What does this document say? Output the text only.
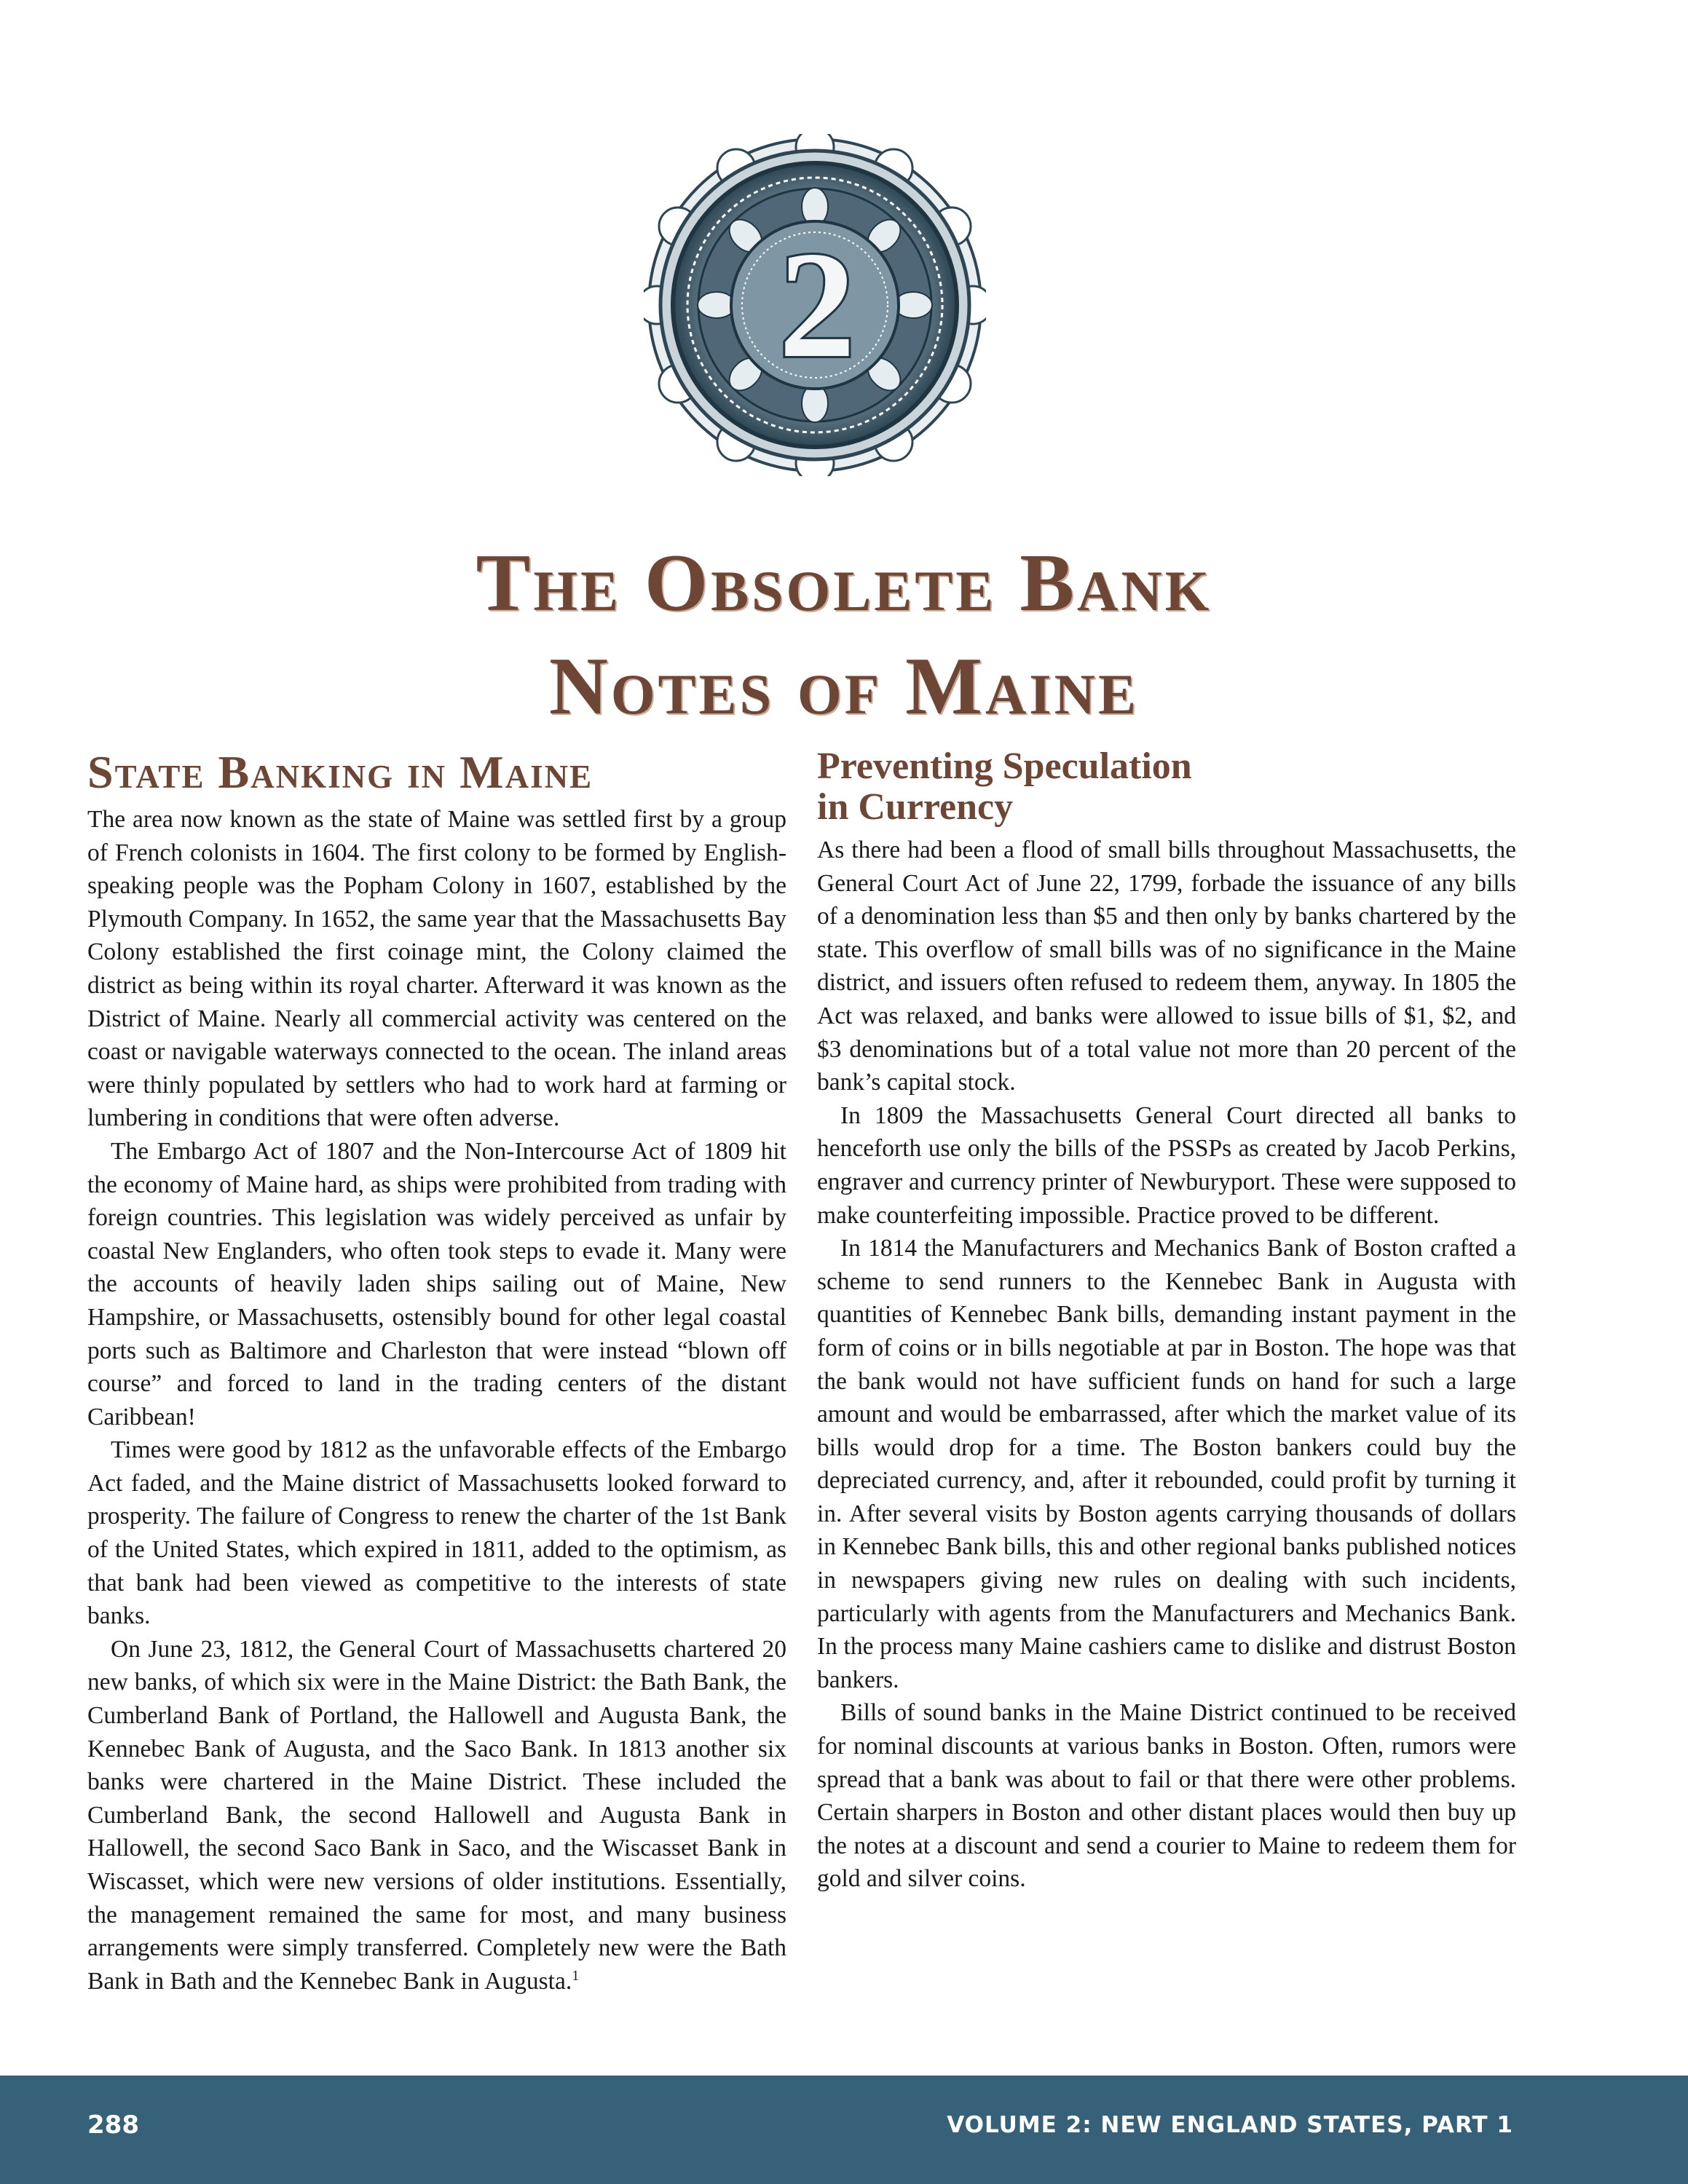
2
The Obsolete Bank
Notes of Maine
State Banking in Maine

The area now known as the state of Maine was settled first by a group of French colonists in 1604. The first colony to be formed by English-speaking people was the Popham Colony in 1607, established by the Plymouth Company. In 1652, the same year that the Massachusetts Bay Colony established the first coinage mint, the Colony claimed the district as being within its royal charter. Afterward it was known as the District of Maine. Nearly all commercial activity was centered on the coast or navigable waterways connected to the ocean. The inland areas were thinly populated by settlers who had to work hard at farming or lumbering in conditions that were often adverse.

The Embargo Act of 1807 and the Non-Intercourse Act of 1809 hit the economy of Maine hard, as ships were prohibited from trading with foreign countries. This legislation was widely perceived as unfair by coastal New Englanders, who often took steps to evade it. Many were the accounts of heavily laden ships sailing out of Maine, New Hampshire, or Massachusetts, ostensibly bound for other legal coastal ports such as Baltimore and Charleston that were instead “blown off course” and forced to land in the trading centers of the distant Caribbean!

Times were good by 1812 as the unfavorable effects of the Embargo Act faded, and the Maine district of Massachusetts looked forward to prosperity. The failure of Congress to renew the charter of the 1st Bank of the United States, which expired in 1811, added to the optimism, as that bank had been viewed as competitive to the interests of state banks.

On June 23, 1812, the General Court of Massachusetts chartered 20 new banks, of which six were in the Maine District: the Bath Bank, the Cumberland Bank of Portland, the Hallowell and Augusta Bank, the Kennebec Bank of Augusta, and the Saco Bank. In 1813 another six banks were chartered in the Maine District. These included the Cumberland Bank, the second Hallowell and Augusta Bank in Hallowell, the second Saco Bank in Saco, and the Wiscasset Bank in Wiscasset, which were new versions of older institutions. Essentially, the management remained the same for most, and many business arrangements were simply transferred. Completely new were the Bath Bank in Bath and the Kennebec Bank in Augusta.$^1$

Preventing Speculation
in Currency

As there had been a flood of small bills throughout Massachusetts, the General Court Act of June 22, 1799, forbade the issuance of any bills of a denomination less than $5 and then only by banks chartered by the state. This overflow of small bills was of no significance in the Maine district, and issuers often refused to redeem them, anyway. In 1805 the Act was relaxed, and banks were allowed to issue bills of $1, $2, and $3 denominations but of a total value not more than 20 percent of the bank’s capital stock.

In 1809 the Massachusetts General Court directed all banks to henceforth use only the bills of the PSSPs as created by Jacob Perkins, engraver and currency printer of Newburyport. These were supposed to make counterfeiting impossible. Practice proved to be different.

In 1814 the Manufacturers and Mechanics Bank of Boston crafted a scheme to send runners to the Kennebec Bank in Augusta with quantities of Kennebec Bank bills, demanding instant payment in the form of coins or in bills negotiable at par in Boston. The hope was that the bank would not have sufficient funds on hand for such a large amount and would be embarrassed, after which the market value of its bills would drop for a time. The Boston bankers could buy the depreciated currency, and, after it rebounded, could profit by turning it in. After several visits by Boston agents carrying thousands of dollars in Kennebec Bank bills, this and other regional banks published notices in newspapers giving new rules on dealing with such incidents, particularly with agents from the Manufacturers and Mechanics Bank. In the process many Maine cashiers came to dislike and distrust Boston bankers.

Bills of sound banks in the Maine District continued to be received for nominal discounts at various banks in Boston. Often, rumors were spread that a bank was about to fail or that there were other problems. Certain sharpers in Boston and other distant places would then buy up the notes at a discount and send a courier to Maine to redeem them for gold and silver coins.

288	VOLUME 2: NEW ENGLAND STATES, PART 1
